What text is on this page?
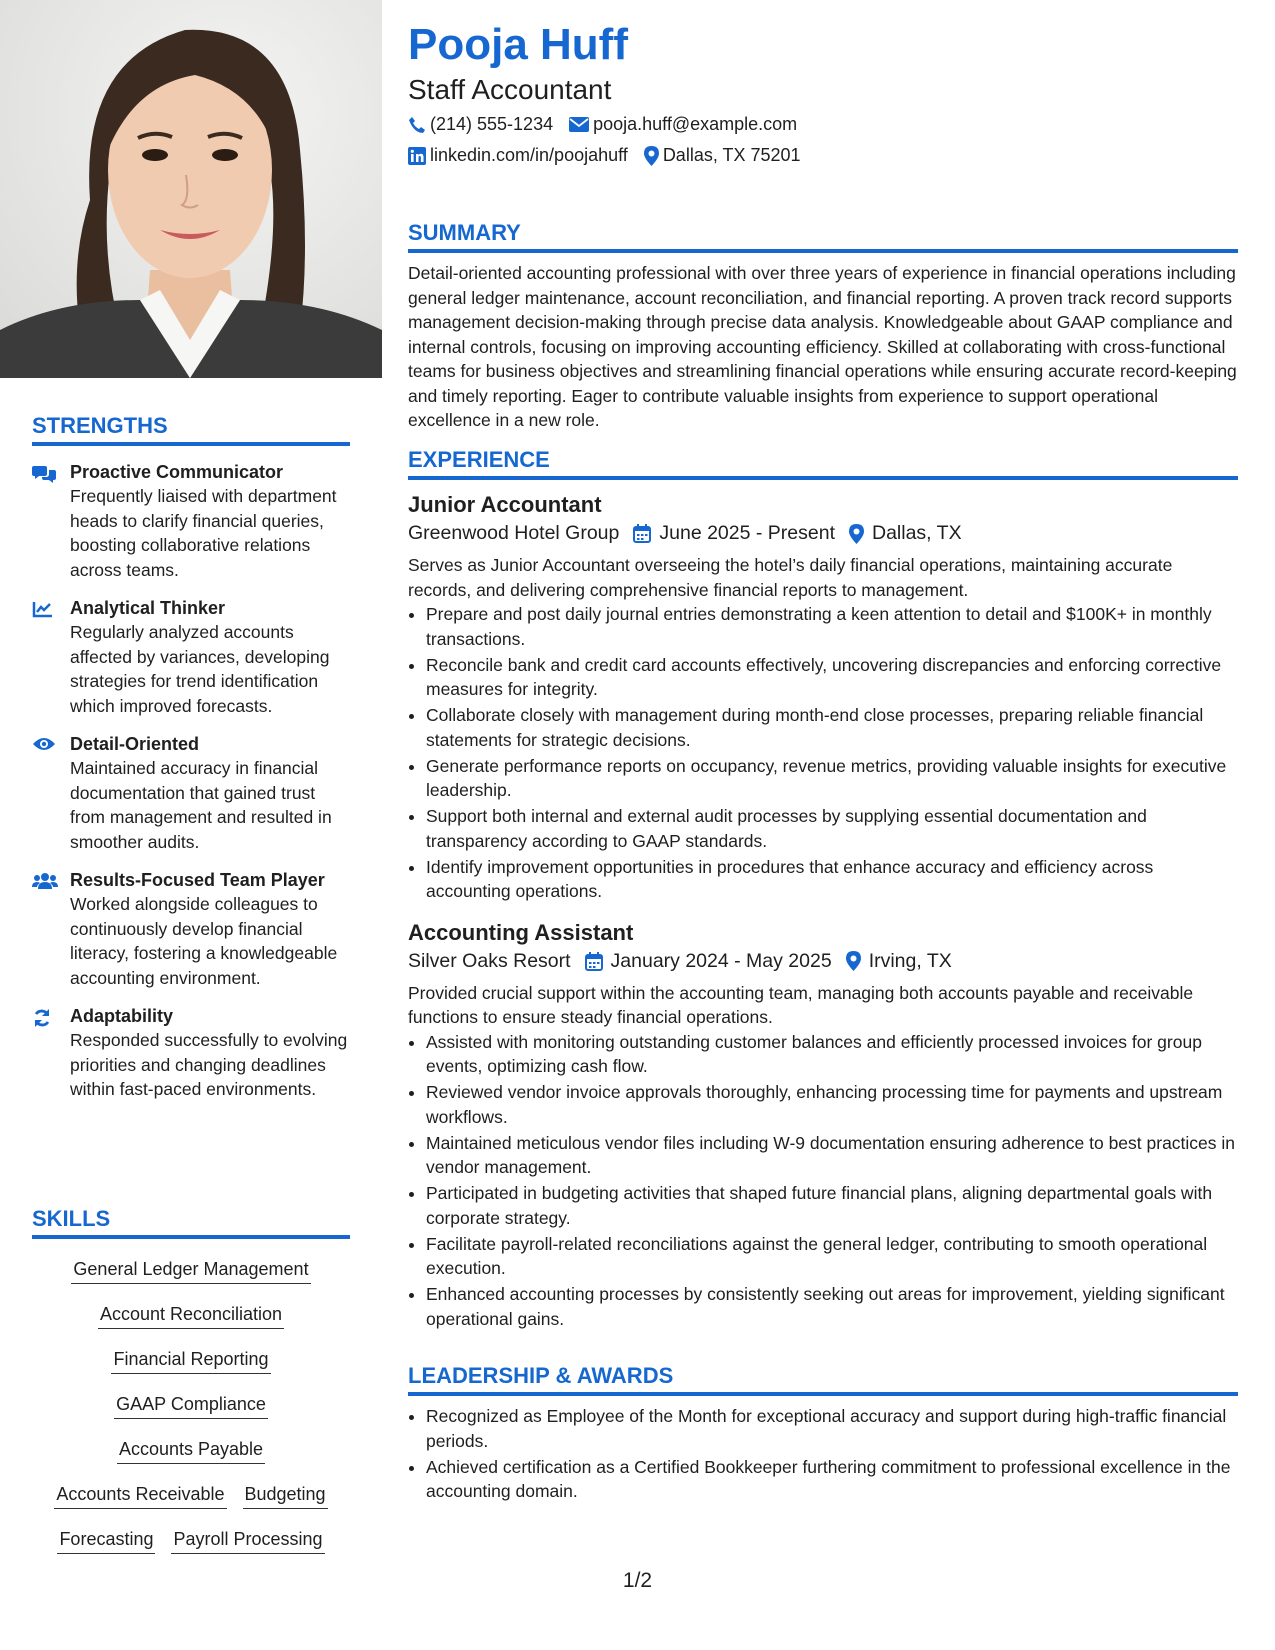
STRENGTHS
Proactive Communicator
Frequently liaised with department heads to clarify financial queries, boosting collaborative relations across teams.
Analytical Thinker
Regularly analyzed accounts affected by variances, developing strategies for trend identification which improved forecasts.
Detail-Oriented
Maintained accuracy in financial documentation that gained trust from management and resulted in smoother audits.
Results-Focused Team Player
Worked alongside colleagues to continuously develop financial literacy, fostering a knowledgeable accounting environment.
Adaptability
Responded successfully to evolving priorities and changing deadlines within fast-paced environments.
SKILLS
General Ledger Management
Account Reconciliation
Financial Reporting
GAAP Compliance
Accounts Payable
Accounts Receivable Budgeting
Forecasting Payroll Processing
Pooja Huff
Staff Accountant
(214) 555-1234 pooja.huff@example.com
linkedin.com/in/poojahuff Dallas, TX 75201
SUMMARY

Detail-oriented accounting professional with over three years of experience in financial operations including general ledger maintenance, account reconciliation, and financial reporting. A proven track record supports management decision-making through precise data analysis. Knowledgeable about GAAP compliance and internal controls, focusing on improving accounting efficiency. Skilled at collaborating with cross-functional teams for business objectives and streamlining financial operations while ensuring accurate record-keeping and timely reporting. Eager to contribute valuable insights from experience to support operational excellence in a new role.

EXPERIENCE
Junior Accountant
Greenwood Hotel Group June 2025 - Present Dallas, TX

Serves as Junior Accountant overseeing the hotel’s daily financial operations, maintaining accurate records, and delivering comprehensive financial reports to management.

• Prepare and post daily journal entries demonstrating a keen attention to detail and $100K+ in monthly transactions.
• Reconcile bank and credit card accounts effectively, uncovering discrepancies and enforcing corrective measures for integrity.
• Collaborate closely with management during month-end close processes, preparing reliable financial statements for strategic decisions.
• Generate performance reports on occupancy, revenue metrics, providing valuable insights for executive leadership.
• Support both internal and external audit processes by supplying essential documentation and transparency according to GAAP standards.
• Identify improvement opportunities in procedures that enhance accuracy and efficiency across accounting operations.
Accounting Assistant
Silver Oaks Resort January 2024 - May 2025 Irving, TX

Provided crucial support within the accounting team, managing both accounts payable and receivable functions to ensure steady financial operations.

• Assisted with monitoring outstanding customer balances and efficiently processed invoices for group events, optimizing cash flow.
• Reviewed vendor invoice approvals thoroughly, enhancing processing time for payments and upstream workflows.
• Maintained meticulous vendor files including W-9 documentation ensuring adherence to best practices in vendor management.
• Participated in budgeting activities that shaped future financial plans, aligning departmental goals with corporate strategy.
• Facilitate payroll-related reconciliations against the general ledger, contributing to smooth operational execution.
• Enhanced accounting processes by consistently seeking out areas for improvement, yielding significant operational gains.
LEADERSHIP & AWARDS
• Recognized as Employee of the Month for exceptional accuracy and support during high-traffic financial periods.
• Achieved certification as a Certified Bookkeeper furthering commitment to professional excellence in the accounting domain.
1/2
